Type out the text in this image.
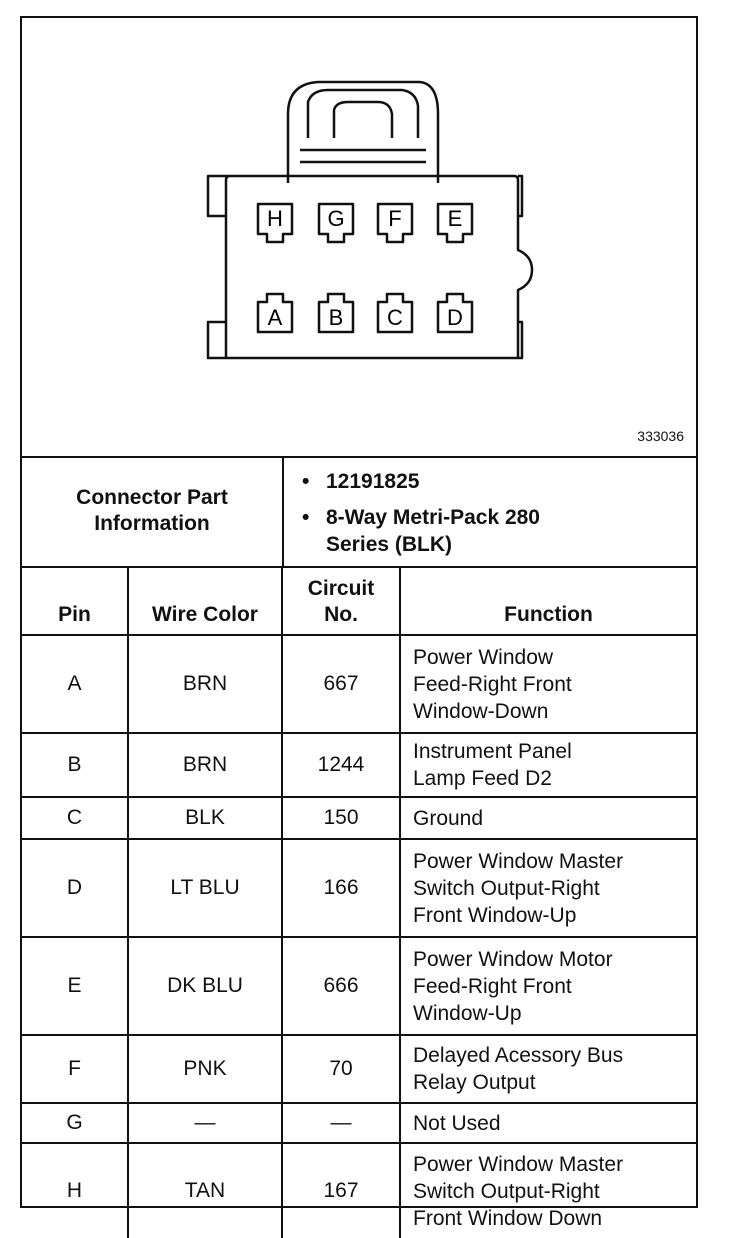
H G F E
A B C D
333036
Connector Part Information
• 12191825
• 8-Way Metri-Pack 280 Series (BLK)
Pin	Wire Color	Circuit No.	Function
A	BRN	667	Power Window
Feed-Right Front
Window-Down

B	BRN	1244	Instrument Panel
Lamp Feed D2

C	BLK	150	Ground

D	LT BLU	166	Power Window Master
Switch Output-Right
Front Window-Up

E	DK BLU	666	Power Window Motor
Feed-Right Front
Window-Up

F	PNK	70	Delayed Acessory Bus
Relay Output

G	—	—	Not Used

H	TAN	167	Power Window Master
Switch Output-Right
Front Window Down
